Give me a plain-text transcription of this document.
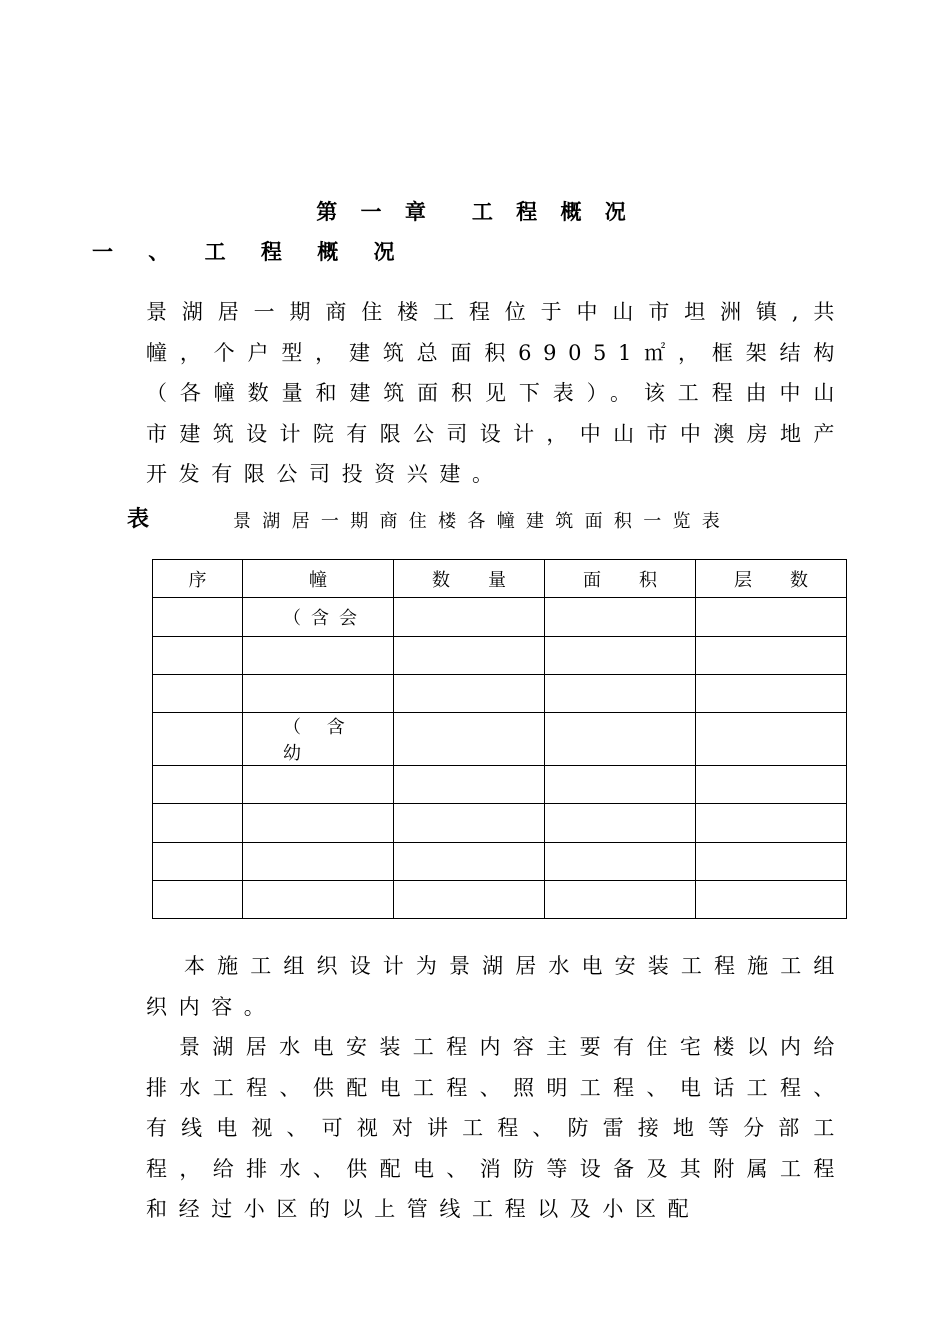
第 一 章 工 程 概 况
一 、 工 程 概 况
景湖居一期商住楼工程位于中山市坦洲镇,共幢，个户型，建筑总面积69051㎡，框架结构（各幢数量和建筑面积见下表）。该工程由中山市建筑设计院有限公司设计，中山市中澳房地产开发有限公司投资兴建。
表	景湖居一期商住楼各幢建筑面积一览表
序	幢	数 量	面 积	层 数

	（含会			

	（ 含 幼			

本施工组织设计为景湖居水电安装工程施工组织内容。
景湖居水电安装工程内容主要有住宅楼以内给排水工程、供配电工程、照明工程、电话工程、有线电视、可视对讲工程、防雷接地等分部工程，给排水、供配电、消防等设备及其附属工程和经过小区的以上管线工程以及小区配
